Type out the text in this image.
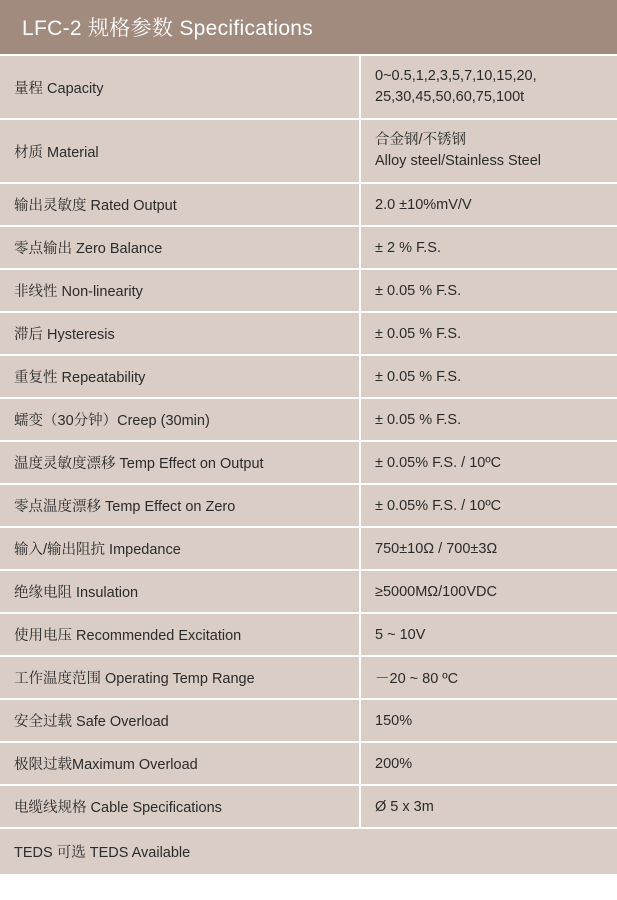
LFC-2 规格参数 Specifications	
量程 Capacity	0~0.5,1,2,3,5,7,10,15,20,
25,30,45,50,60,75,100t

材质 Material	合金钢/不锈钢
Alloy steel/Stainless Steel

输出灵敏度 Rated Output	2.0 ±10%mV/V
零点输出 Zero Balance	± 2 % F.S.
非线性 Non-linearity	± 0.05 % F.S.
滞后 Hysteresis	± 0.05 % F.S.
重复性 Repeatability	± 0.05 % F.S.
蠕变（30分钟）Creep (30min)	± 0.05 % F.S.
温度灵敏度漂移 Temp Effect on Output	± 0.05% F.S. / 10ºC
零点温度漂移 Temp Effect on Zero	± 0.05% F.S. / 10ºC
输入/输出阻抗 Impedance	750±10Ω / 700±3Ω
绝缘电阻 Insulation	≥5000MΩ/100VDC
使用电压 Recommended Excitation	5 ~ 10V
工作温度范围 Operating Temp Range	－20 ~ 80 ºC
安全过载 Safe Overload	150%
极限过载Maximum Overload	200%
电缆线规格 Cable Specifications	Ø 5 x 3m
TEDS 可选 TEDS Available	
